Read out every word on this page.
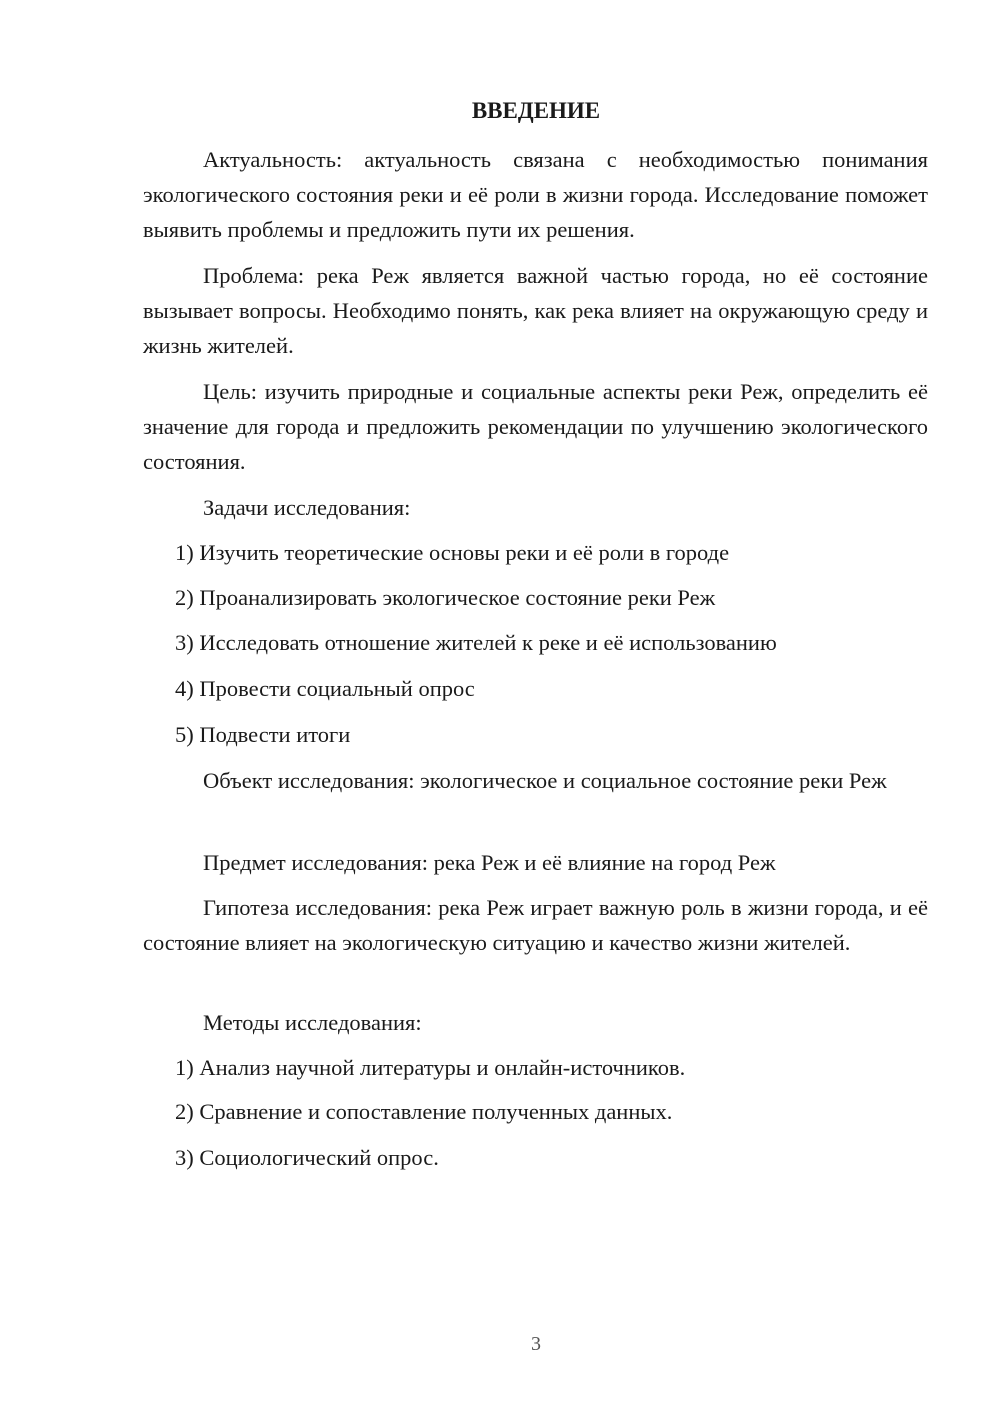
ВВЕДЕНИЕ
Актуальность: актуальность связана с необходимостью понимания экологического состояния реки и её роли в жизни города. Исследование поможет выявить проблемы и предложить пути их решения.
Проблема: река Реж является важной частью города, но её состояние вызывает вопросы. Необходимо понять, как река влияет на окружающую среду и жизнь жителей.
Цель: изучить природные и социальные аспекты реки Реж, определить её значение для города и предложить рекомендации по улучшению экологического состояния.
Задачи исследования:
1) Изучить теоретические основы реки и её роли в городе
2) Проанализировать экологическое состояние реки Реж
3) Исследовать отношение жителей к реке и её использованию
4) Провести социальный опрос
5) Подвести итоги
Объект исследования: экологическое и социальное состояние реки Реж
Предмет исследования: река Реж и её влияние на город Реж
Гипотеза исследования: река Реж играет важную роль в жизни города, и её состояние влияет на экологическую ситуацию и качество жизни жителей.
Методы исследования:
1) Анализ научной литературы и онлайн-источников.
2) Сравнение и сопоставление полученных данных.
3) Социологический опрос.
3
